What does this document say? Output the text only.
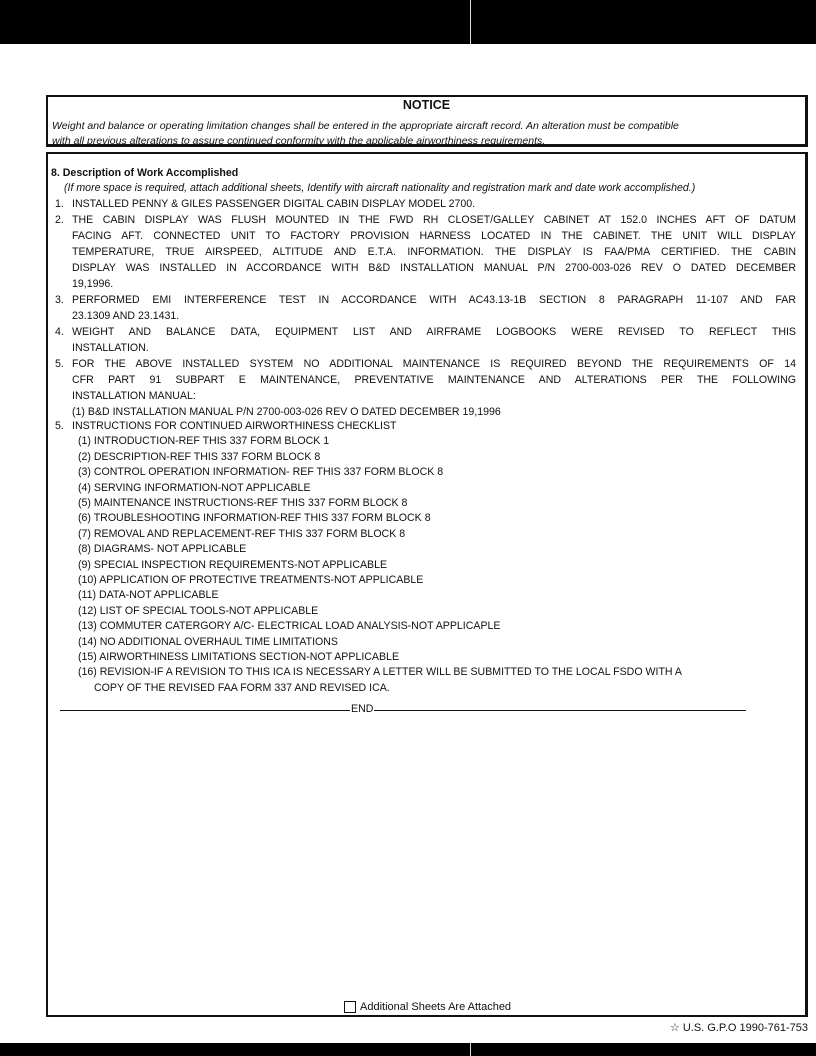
NOTICE
Weight and balance or operating limitation changes shall be entered in the appropriate aircraft record. An alteration must be compatible
with all previous alterations to assure continued conformity with the applicable airworthiness requirements.
8. Description of Work Accomplished
(If more space is required, attach additional sheets, Identify with aircraft nationality and registration mark and date work accomplished.)
1. INSTALLED PENNY & GILES PASSENGER DIGITAL CABIN DISPLAY MODEL 2700.
2. THE CABIN DISPLAY WAS FLUSH MOUNTED IN THE FWD RH CLOSET/GALLEY CABINET AT 152.0 INCHES AFT OF DATUM
FACING AFT. CONNECTED UNIT TO FACTORY PROVISION HARNESS LOCATED IN THE CABINET. THE UNIT WILL DISPLAY
TEMPERATURE, TRUE AIRSPEED, ALTITUDE AND E.T.A. INFORMATION. THE DISPLAY IS FAA/PMA CERTIFIED. THE CABIN
DISPLAY WAS INSTALLED IN ACCORDANCE WITH B&D INSTALLATION MANUAL P/N 2700-003-026 REV O DATED DECEMBER
19,1996.
3. PERFORMED EMI INTERFERENCE TEST IN ACCORDANCE WITH AC43.13-1B SECTION 8 PARAGRAPH 11-107 AND FAR
23.1309 AND 23.1431.
4. WEIGHT AND BALANCE DATA, EQUIPMENT LIST AND AIRFRAME LOGBOOKS WERE REVISED TO REFLECT THIS
INSTALLATION.
5. FOR THE ABOVE INSTALLED SYSTEM NO ADDITIONAL MAINTENANCE IS REQUIRED BEYOND THE REQUIREMENTS OF 14
CFR PART 91 SUBPART E MAINTENANCE, PREVENTATIVE MAINTENANCE AND ALTERATIONS PER THE FOLLOWING
INSTALLATION MANUAL:
(1) B&D INSTALLATION MANUAL P/N 2700-003-026 REV O DATED DECEMBER 19,1996
5. INSTRUCTIONS FOR CONTINUED AIRWORTHINESS CHECKLIST
(1) INTRODUCTION-REF THIS 337 FORM BLOCK 1
(2) DESCRIPTION-REF THIS 337 FORM BLOCK 8
(3) CONTROL OPERATION INFORMATION- REF THIS 337 FORM BLOCK 8
(4) SERVING INFORMATION-NOT APPLICABLE
(5) MAINTENANCE INSTRUCTIONS-REF THIS 337 FORM BLOCK 8
(6) TROUBLESHOOTING INFORMATION-REF THIS 337 FORM BLOCK 8
(7) REMOVAL AND REPLACEMENT-REF THIS 337 FORM BLOCK 8
(8) DIAGRAMS- NOT APPLICABLE
(9) SPECIAL INSPECTION REQUIREMENTS-NOT APPLICABLE
(10) APPLICATION OF PROTECTIVE TREATMENTS-NOT APPLICABLE
(11) DATA-NOT APPLICABLE
(12) LIST OF SPECIAL TOOLS-NOT APPLICABLE
(13) COMMUTER CATERGORY A/C- ELECTRICAL LOAD ANALYSIS-NOT APPLICAPLE
(14) NO ADDITIONAL OVERHAUL TIME LIMITATIONS
(15) AIRWORTHINESS LIMITATIONS SECTION-NOT APPLICABLE
(16) REVISION-IF A REVISION TO THIS ICA IS NECESSARY A LETTER WILL BE SUBMITTED TO THE LOCAL FSDO WITH A
COPY OF THE REVISED FAA FORM 337 AND REVISED ICA.
END
Additional Sheets Are Attached
☆ U.S. G.P.O 1990-761-753
